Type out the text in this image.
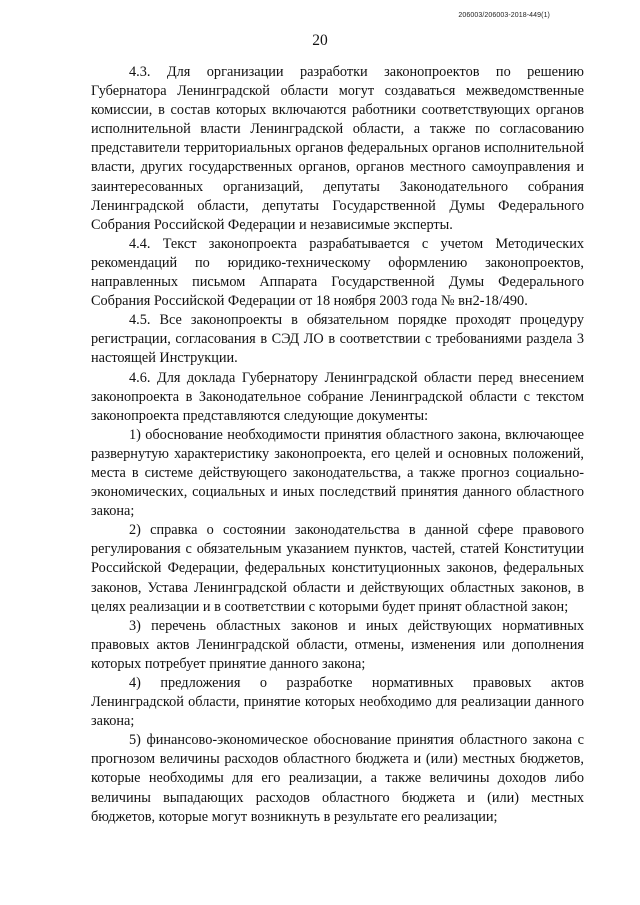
206003/206003-2018-449(1)
20

4.3. Для организации разработки законопроектов по решению Губернатора Ленинградской области могут создаваться межведомственные комиссии, в состав которых включаются работники соответствующих органов исполнительной власти Ленинградской области, а также по согласованию представители территориальных органов федеральных органов исполнительной власти, других государственных органов, органов местного самоуправления и заинтересованных организаций, депутаты Законодательного собрания Ленинградской области, депутаты Государственной Думы Федерального Собрания Российской Федерации и независимые эксперты.

4.4. Текст законопроекта разрабатывается с учетом Методических рекомендаций по юридико-техническому оформлению законопроектов, направленных письмом Аппарата Государственной Думы Федерального Собрания Российской Федерации от 18 ноября 2003 года № вн2-18/490.

4.5. Все законопроекты в обязательном порядке проходят процедуру регистрации, согласования в СЭД ЛО в соответствии с требованиями раздела 3 настоящей Инструкции.

4.6. Для доклада Губернатору Ленинградской области перед внесением законопроекта в Законодательное собрание Ленинградской области с текстом законопроекта представляются следующие документы:

1) обоснование необходимости принятия областного закона, включающее развернутую характеристику законопроекта, его целей и основных положений, места в системе действующего законодательства, а также прогноз социально-экономических, социальных и иных последствий принятия данного областного закона;

2) справка о состоянии законодательства в данной сфере правового регулирования с обязательным указанием пунктов, частей, статей Конституции Российской Федерации, федеральных конституционных законов, федеральных законов, Устава Ленинградской области и действующих областных законов, в целях реализации и в соответствии с которыми будет принят областной закон;

3) перечень областных законов и иных действующих нормативных правовых актов Ленинградской области, отмены, изменения или дополнения которых потребует принятие данного закона;

4) предложения о разработке нормативных правовых актов Ленинградской области, принятие которых необходимо для реализации данного закона;

5) финансово-экономическое обоснование принятия областного закона с прогнозом величины расходов областного бюджета и (или) местных бюджетов, которые необходимы для его реализации, а также величины доходов либо величины выпадающих расходов областного бюджета и (или) местных бюджетов, которые могут возникнуть в результате его реализации;
